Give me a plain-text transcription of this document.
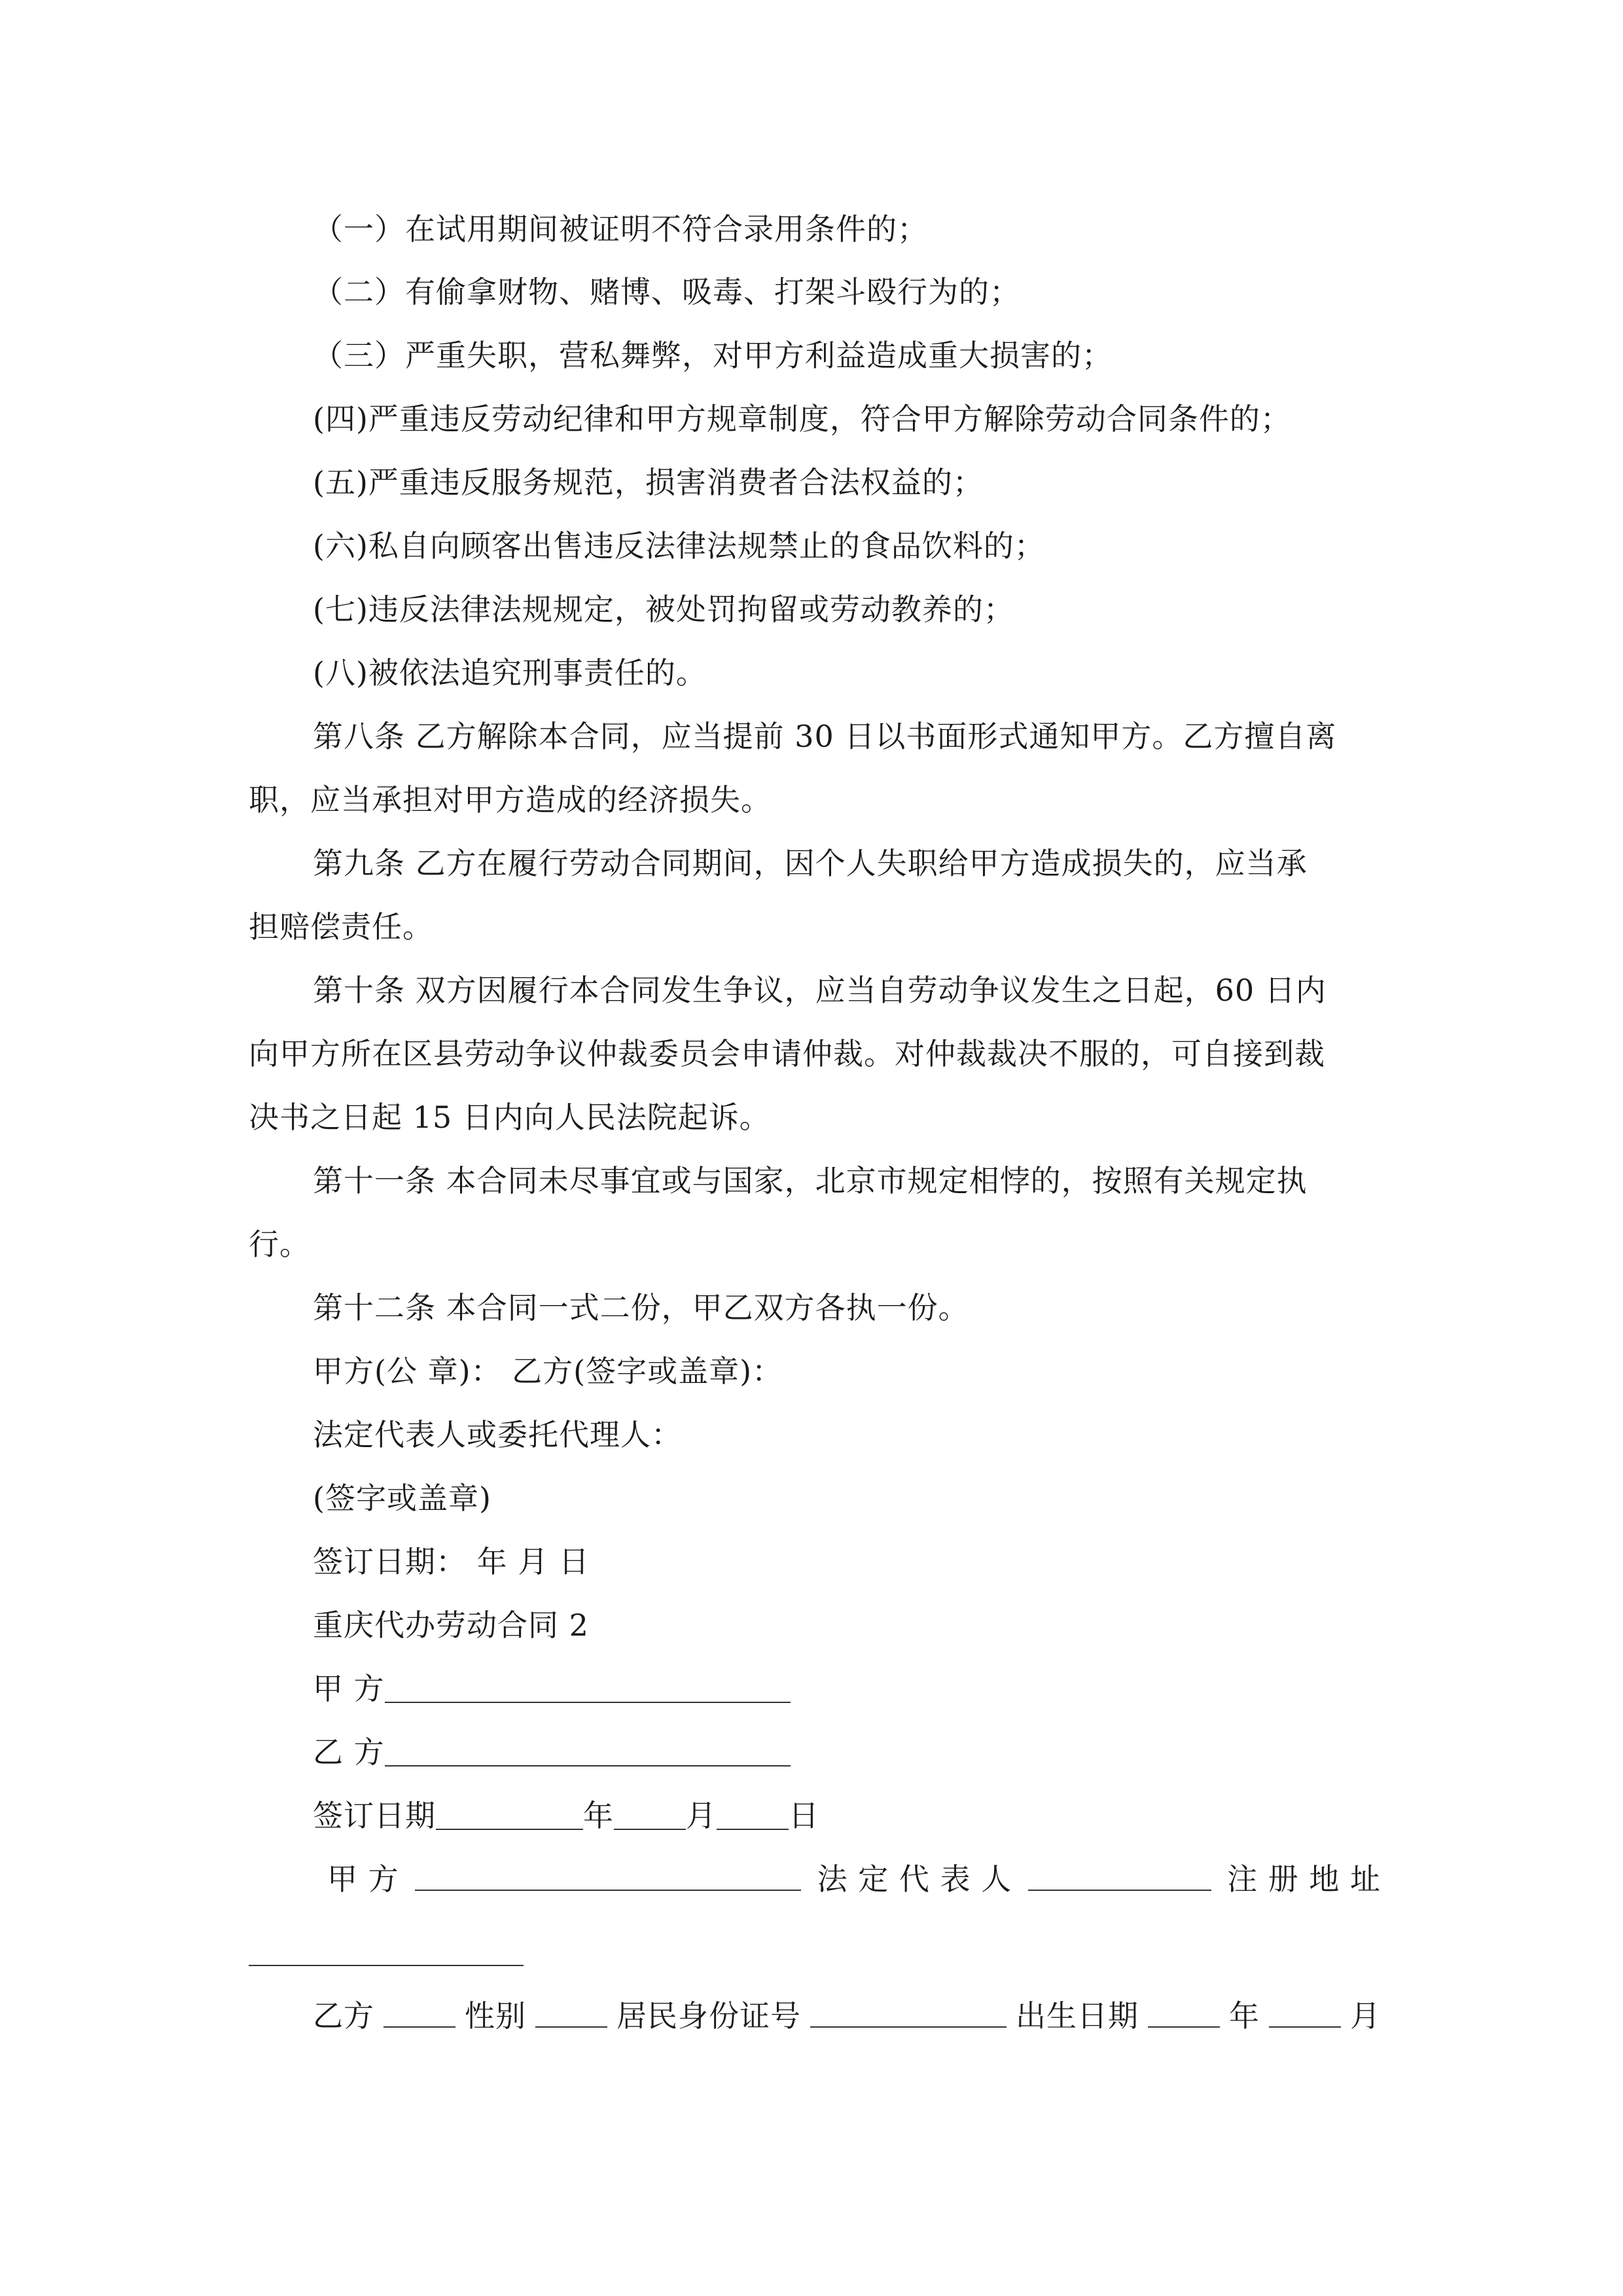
（一）在试用期间被证明不符合录用条件的；
（二）有偷拿财物、赌博、吸毒、打架斗殴行为的；
（三）严重失职，营私舞弊，对甲方利益造成重大损害的；
(四)严重违反劳动纪律和甲方规章制度，符合甲方解除劳动合同条件的；
(五)严重违反服务规范，损害消费者合法权益的；
(六)私自向顾客出售违反法律法规禁止的食品饮料的；
(七)违反法律法规规定，被处罚拘留或劳动教养的；
(八)被依法追究刑事责任的。
第八条 乙方解除本合同，应当提前 30 日以书面形式通知甲方。乙方擅自离
职，应当承担对甲方造成的经济损失。
第九条 乙方在履行劳动合同期间，因个人失职给甲方造成损失的，应当承
担赔偿责任。
第十条 双方因履行本合同发生争议，应当自劳动争议发生之日起，60 日内
向甲方所在区县劳动争议仲裁委员会申请仲裁。对仲裁裁决不服的，可自接到裁
决书之日起 15 日内向人民法院起诉。
第十一条 本合同未尽事宜或与国家，北京市规定相悖的，按照有关规定执
行。
第十二条 本合同一式二份，甲乙双方各执一份。
甲方(公 章)： 乙方(签字或盖章)：
法定代表人或委托代理人：
(签字或盖章)
签订日期： 年 月 日
重庆代办劳动合同 2
甲 方
乙 方
签订日期	年 月 日
甲 方	法 定 代 表 人	注 册 地 址
乙方	性别	居民身份证号	出生日期	年	月
